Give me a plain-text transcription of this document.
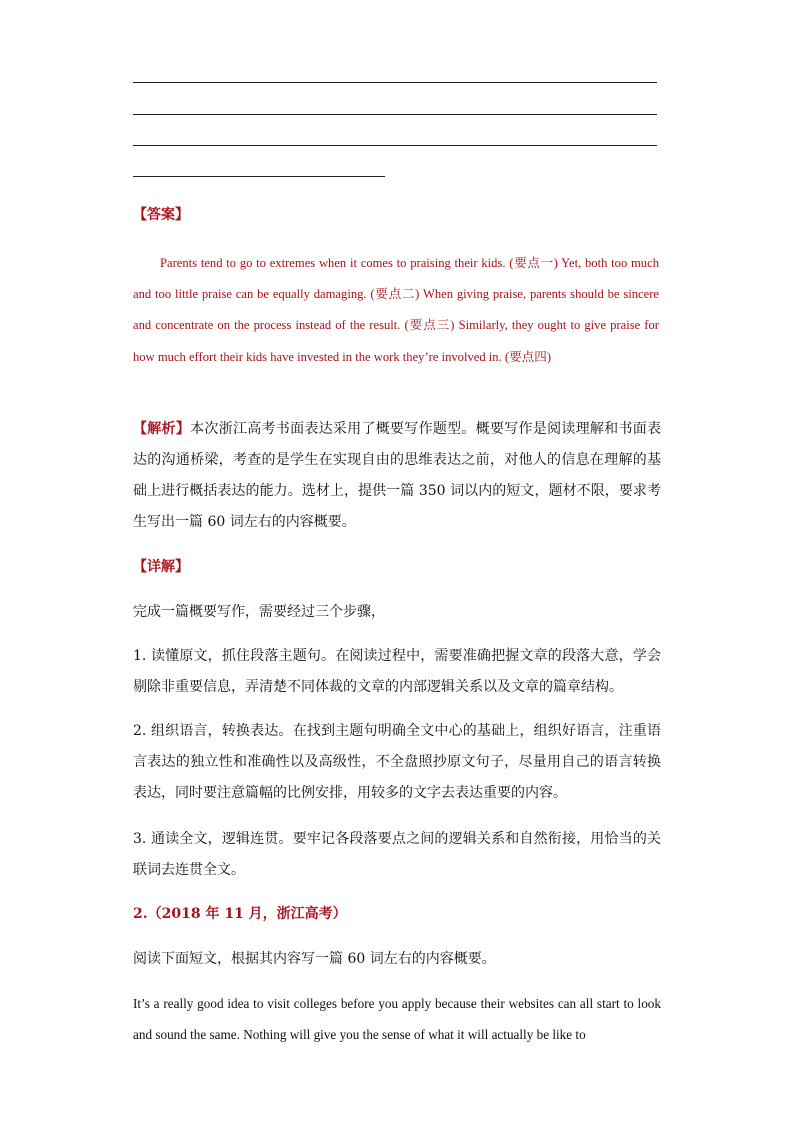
【答案】
Parents tend to go to extremes when it comes to praising their kids. (要点一) Yet, both too much and too little praise can be equally damaging. (要点二) When giving praise, parents should be sincere and concentrate on the process instead of the result. (要点三) Similarly, they ought to give praise for how much effort their kids have invested in the work they’re involved in. (要点四)
【解析】本次浙江高考书面表达采用了概要写作题型。概要写作是阅读理解和书面表达的沟通桥梁，考查的是学生在实现自由的思维表达之前，对他人的信息在理解的基础上进行概括表达的能力。选材上，提供一篇 350 词以内的短文，题材不限，要求考生写出一篇 60 词左右的内容概要。
【详解】
完成一篇概要写作，需要经过三个步骤，
1. 读懂原文，抓住段落主题句。在阅读过程中，需要准确把握文章的段落大意，学会剔除非重要信息，弄清楚不同体裁的文章的内部逻辑关系以及文章的篇章结构。
2. 组织语言，转换表达。在找到主题句明确全文中心的基础上，组织好语言，注重语言表达的独立性和准确性以及高级性，不全盘照抄原文句子，尽量用自己的语言转换表达，同时要注意篇幅的比例安排，用较多的文字去表达重要的内容。
3. 通读全文，逻辑连贯。要牢记各段落要点之间的逻辑关系和自然衔接，用恰当的关联词去连贯全文。
2.（2018 年 11 月，浙江高考）
阅读下面短文，根据其内容写一篇 60 词左右的内容概要。
It’s a really good idea to visit colleges before you apply because their websites can all start to look and sound the same. Nothing will give you the sense of what it will actually be like to
